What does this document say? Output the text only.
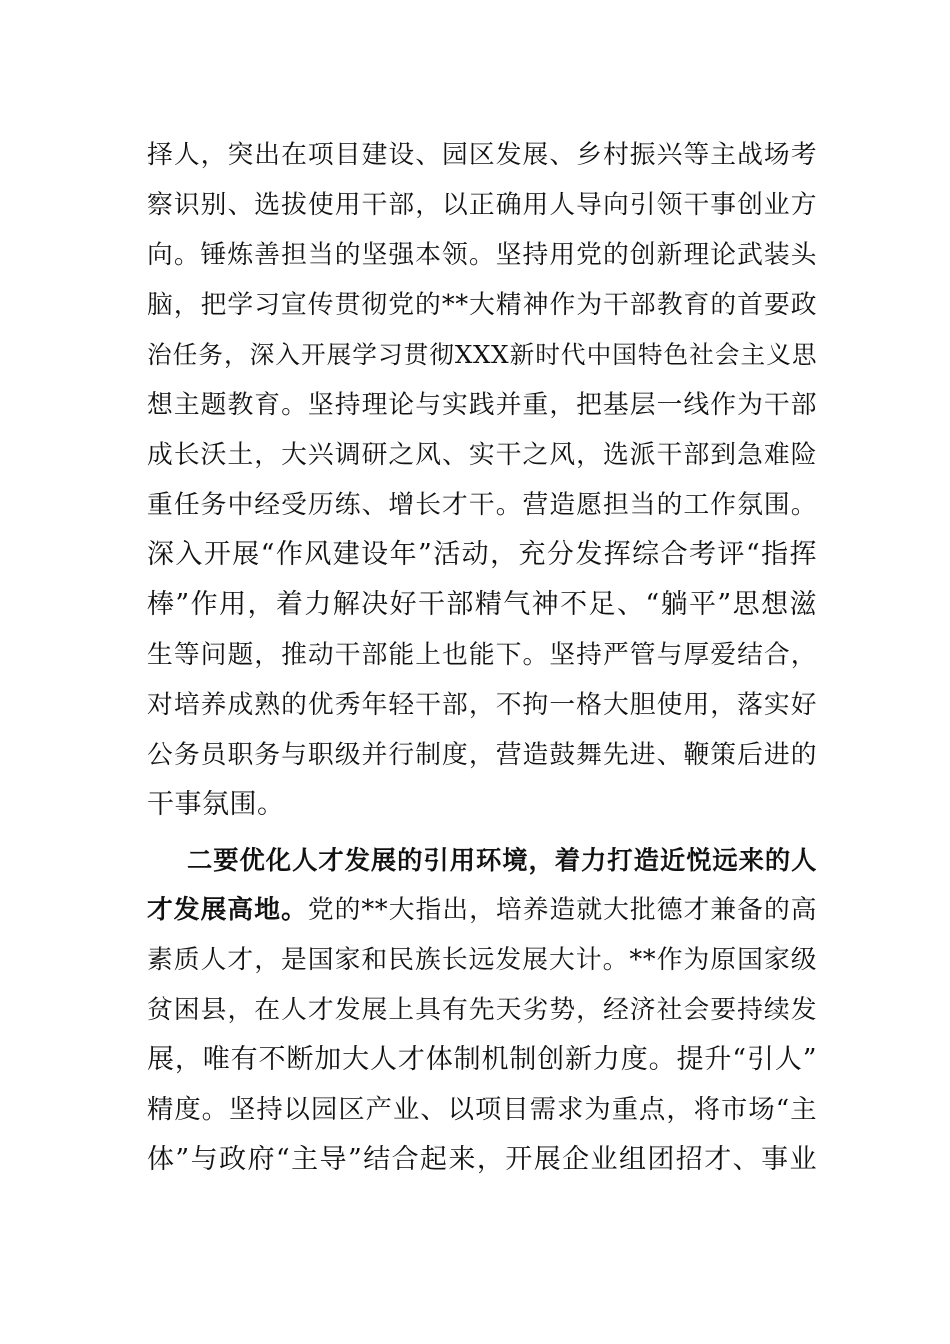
择人，突出在项目建设、园区发展、乡村振兴等主战场考
察识别、选拔使用干部，以正确用人导向引领干事创业方
向。锤炼善担当的坚强本领。坚持用党的创新理论武装头
脑，把学习宣传贯彻党的**大精神作为干部教育的首要政
治任务，深入开展学习贯彻XXX新时代中国特色社会主义思
想主题教育。坚持理论与实践并重，把基层一线作为干部
成长沃土，大兴调研之风、实干之风，选派干部到急难险
重任务中经受历练、增长才干。营造愿担当的工作氛围。
深入开展“作风建设年”活动，充分发挥综合考评“指挥
棒”作用，着力解决好干部精气神不足、“躺平”思想滋
生等问题，推动干部能上也能下。坚持严管与厚爱结合，
对培养成熟的优秀年轻干部，不拘一格大胆使用，落实好
公务员职务与职级并行制度，营造鼓舞先进、鞭策后进的
干事氛围。
二要优化人才发展的引用环境，着力打造近悦远来的人
才发展高地。党的**大指出，培养造就大批德才兼备的高
素质人才，是国家和民族长远发展大计。**作为原国家级
贫困县，在人才发展上具有先天劣势，经济社会要持续发
展，唯有不断加大人才体制机制创新力度。提升“引人”
精度。坚持以园区产业、以项目需求为重点，将市场“主
体”与政府“主导”结合起来，开展企业组团招才、事业
